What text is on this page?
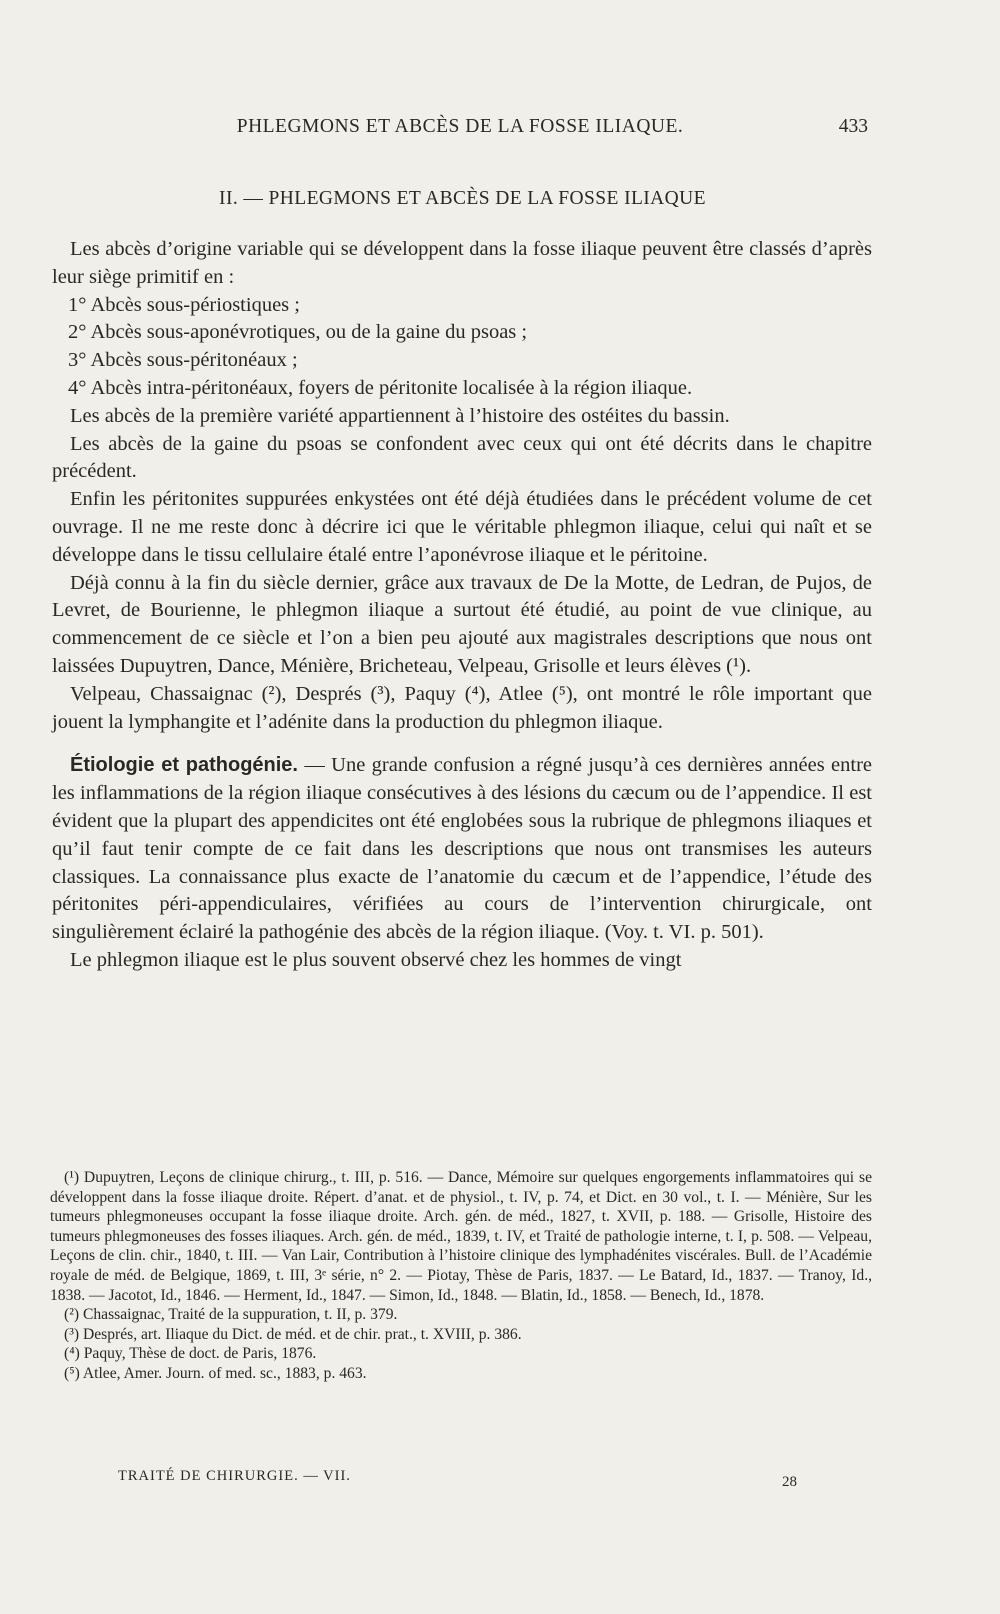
PHLEGMONS ET ABCÈS DE LA FOSSE ILIAQUE.	433
II. — PHLEGMONS ET ABCÈS DE LA FOSSE ILIAQUE

Les abcès d’origine variable qui se développent dans la fosse iliaque peuvent être classés d’après leur siège primitif en :

1° Abcès sous-périostiques ;

2° Abcès sous-aponévrotiques, ou de la gaine du psoas ;

3° Abcès sous-péritonéaux ;

4° Abcès intra-péritonéaux, foyers de péritonite localisée à la région iliaque.

Les abcès de la première variété appartiennent à l’histoire des ostéites du bassin.

Les abcès de la gaine du psoas se confondent avec ceux qui ont été décrits dans le chapitre précédent.

Enfin les péritonites suppurées enkystées ont été déjà étudiées dans le précédent volume de cet ouvrage. Il ne me reste donc à décrire ici que le véritable phlegmon iliaque, celui qui naît et se développe dans le tissu cellulaire étalé entre l’aponévrose iliaque et le péritoine.

Déjà connu à la fin du siècle dernier, grâce aux travaux de De la Motte, de Ledran, de Pujos, de Levret, de Bourienne, le phlegmon iliaque a surtout été étudié, au point de vue clinique, au commencement de ce siècle et l’on a bien peu ajouté aux magistrales descriptions que nous ont laissées Dupuytren, Dance, Ménière, Bricheteau, Velpeau, Grisolle et leurs élèves (¹).

Velpeau, Chassaignac (²), Després (³), Paquy (⁴), Atlee (⁵), ont montré le rôle important que jouent la lymphangite et l’adénite dans la production du phlegmon iliaque.

Étiologie et pathogénie. — Une grande confusion a régné jusqu’à ces dernières années entre les inflammations de la région iliaque consécutives à des lésions du cæcum ou de l’appendice. Il est évident que la plupart des appendicites ont été englobées sous la rubrique de phlegmons iliaques et qu’il faut tenir compte de ce fait dans les descriptions que nous ont transmises les auteurs classiques. La connaissance plus exacte de l’anatomie du cæcum et de l’appendice, l’étude des péritonites péri-appendiculaires, vérifiées au cours de l’intervention chirurgicale, ont singulièrement éclairé la pathogénie des abcès de la région iliaque. (Voy. t. VI. p. 501).

Le phlegmon iliaque est le plus souvent observé chez les hommes de vingt

(¹) Dupuytren, Leçons de clinique chirurg., t. III, p. 516. — Dance, Mémoire sur quelques engorgements inflammatoires qui se développent dans la fosse iliaque droite. Répert. d’anat. et de physiol., t. IV, p. 74, et Dict. en 30 vol., t. I. — Ménière, Sur les tumeurs phlegmoneuses occupant la fosse iliaque droite. Arch. gén. de méd., 1827, t. XVII, p. 188. — Grisolle, Histoire des tumeurs phlegmoneuses des fosses iliaques. Arch. gén. de méd., 1839, t. IV, et Traité de pathologie interne, t. I, p. 508. — Velpeau, Leçons de clin. chir., 1840, t. III. — Van Lair, Contribution à l’histoire clinique des lymphadénites viscérales. Bull. de l’Académie royale de méd. de Belgique, 1869, t. III, 3ᵉ série, n° 2. — Piotay, Thèse de Paris, 1837. — Le Batard, Id., 1837. — Tranoy, Id., 1838. — Jacotot, Id., 1846. — Herment, Id., 1847. — Simon, Id., 1848. — Blatin, Id., 1858. — Benech, Id., 1878.

(²) Chassaignac, Traité de la suppuration, t. II, p. 379.

(³) Després, art. Iliaque du Dict. de méd. et de chir. prat., t. XVIII, p. 386.

(⁴) Paquy, Thèse de doct. de Paris, 1876.

(⁵) Atlee, Amer. Journ. of med. sc., 1883, p. 463.

TRAITÉ DE CHIRURGIE. — VII.	28
